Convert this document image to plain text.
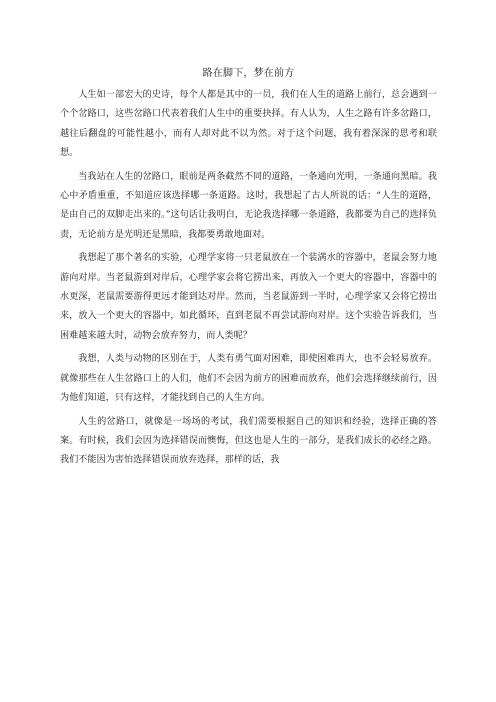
路在脚下，梦在前方

人生如一部宏大的史诗，每个人都是其中的一员，我们在人生的道路上前行，总会遇到一个个岔路口，这些岔路口代表着我们人生中的重要抉择。有人认为，人生之路有许多岔路口，越往后翻盘的可能性越小，而有人却对此不以为然。对于这个问题，我有着深深的思考和联想。

当我站在人生的岔路口，眼前是两条截然不同的道路，一条通向光明，一条通向黑暗。我心中矛盾重重，不知道应该选择哪一条道路。这时，我想起了古人所说的话：“人生的道路，是由自己的双脚走出来的。”这句话让我明白，无论我选择哪一条道路，我都要为自己的选择负责，无论前方是光明还是黑暗，我都要勇敢地面对。

我想起了那个著名的实验，心理学家将一只老鼠放在一个装满水的容器中，老鼠会努力地游向对岸。当老鼠游到对岸后，心理学家会将它捞出来，再放入一个更大的容器中，容器中的水更深，老鼠需要游得更远才能到达对岸。然而，当老鼠游到一半时，心理学家又会将它捞出来，放入一个更大的容器中，如此循环，直到老鼠不再尝试游向对岸。这个实验告诉我们，当困难越来越大时，动物会放弃努力，而人类呢？

我想，人类与动物的区别在于，人类有勇气面对困难，即使困难再大，也不会轻易放弃。就像那些在人生岔路口上的人们，他们不会因为前方的困难而放弃，他们会选择继续前行，因为他们知道，只有这样，才能找到自己的人生方向。

人生的岔路口，就像是一场场的考试，我们需要根据自己的知识和经验，选择正确的答案。有时候，我们会因为选择错误而懊悔，但这也是人生的一部分，是我们成长的必经之路。我们不能因为害怕选择错误而放弃选择，那样的话，我
